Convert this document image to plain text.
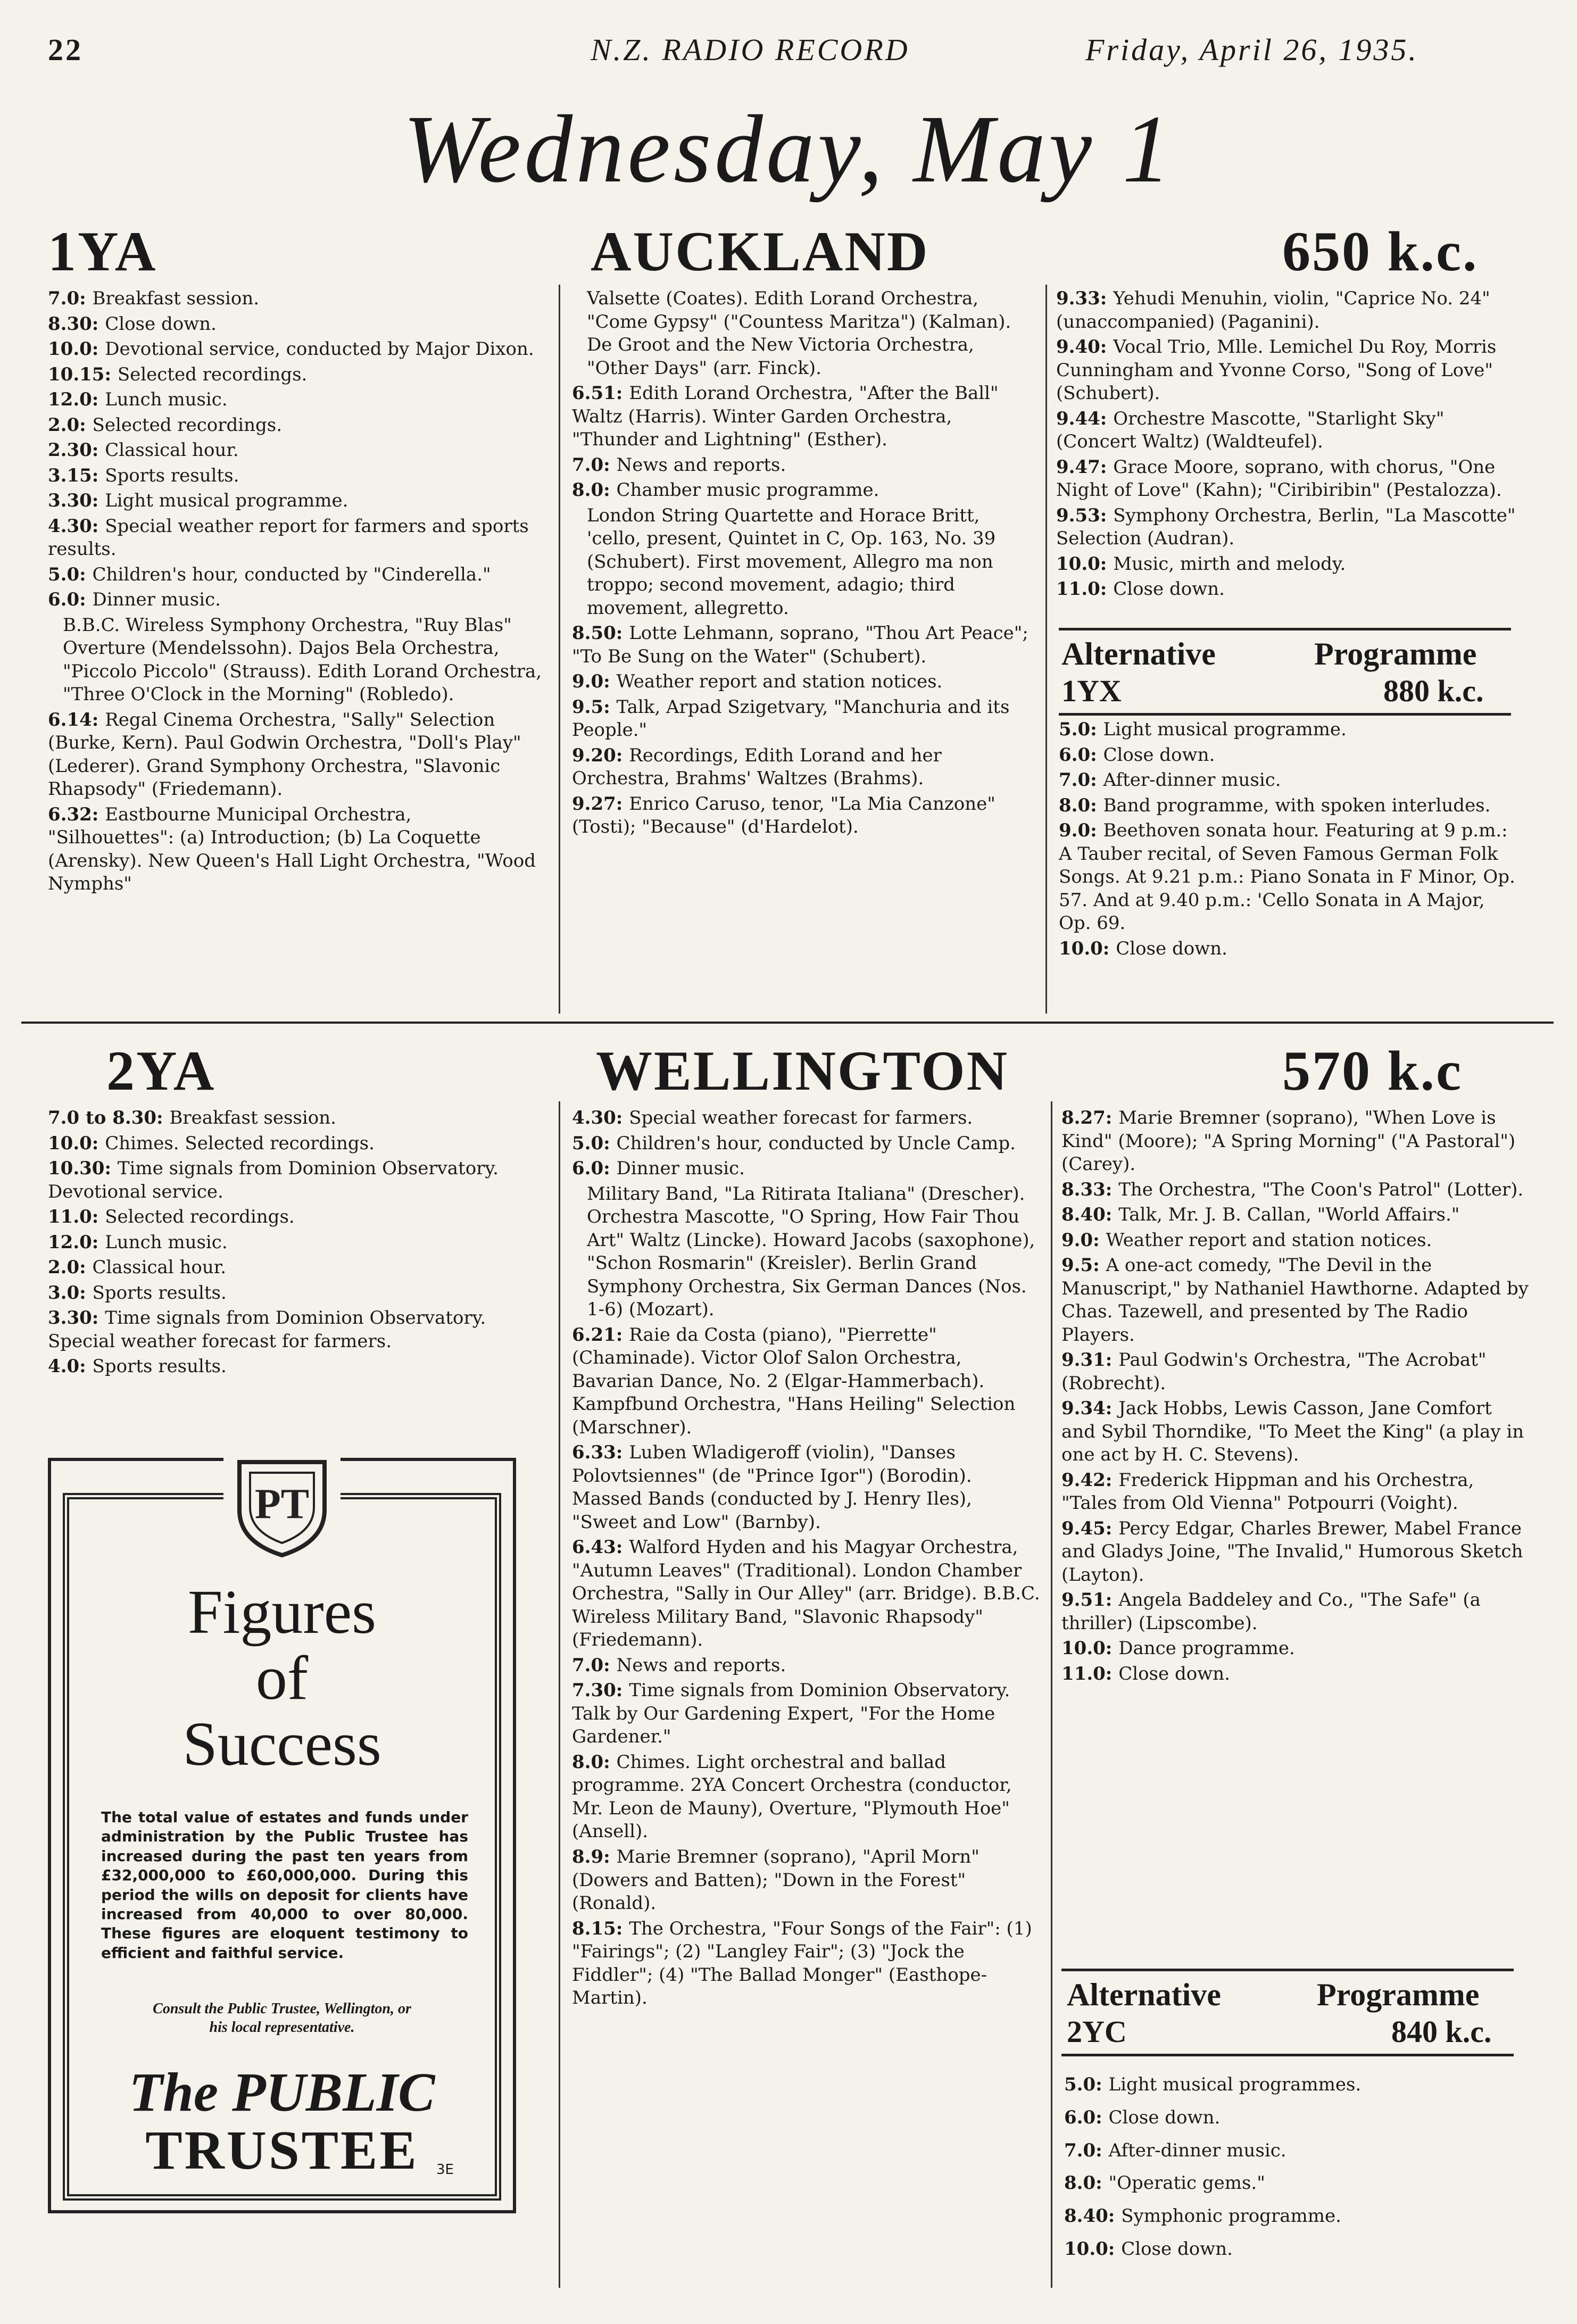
22	N.Z. RADIO RECORD	Friday, April 26, 1935.
Wednesday, May 1
1YA	AUCKLAND	650 k.c.
7.0: Breakfast session.
8.30: Close down.
10.0: Devotional service, conducted by Major Dixon.
10.15: Selected recordings.
12.0: Lunch music.
2.0: Selected recordings.
2.30: Classical hour.
3.15: Sports results.
3.30: Light musical programme.
4.30: Special weather report for farmers and sports results.
5.0: Children's hour, conducted by "Cinderella."
6.0: Dinner music.
B.B.C. Wireless Symphony Orchestra, "Ruy Blas" Overture (Mendelssohn). Dajos Bela Orchestra, "Piccolo Piccolo" (Strauss). Edith Lorand Orchestra, "Three O'Clock in the Morning" (Robledo).
6.14: Regal Cinema Orchestra, "Sally" Selection (Burke, Kern). Paul Godwin Orchestra, "Doll's Play" (Lederer). Grand Symphony Orchestra, "Slavonic Rhapsody" (Friedemann).
6.32: Eastbourne Municipal Orchestra, "Silhouettes": (a) Introduction; (b) La Coquette (Arensky). New Queen's Hall Light Orchestra, "Wood Nymphs"
Valsette (Coates). Edith Lorand Orchestra, "Come Gypsy" ("Countess Maritza") (Kalman). De Groot and the New Victoria Orchestra, "Other Days" (arr. Finck).
6.51: Edith Lorand Orchestra, "After the Ball" Waltz (Harris). Winter Garden Orchestra, "Thunder and Lightning" (Esther).
7.0: News and reports.
8.0: Chamber music programme.
London String Quartette and Horace Britt, 'cello, present, Quintet in C, Op. 163, No. 39 (Schubert). First movement, Allegro ma non troppo; second movement, adagio; third movement, allegretto.
8.50: Lotte Lehmann, soprano, "Thou Art Peace"; "To Be Sung on the Water" (Schubert).
9.0: Weather report and station notices.
9.5: Talk, Arpad Szigetvary, "Manchuria and its People."
9.20: Recordings, Edith Lorand and her Orchestra, Brahms' Waltzes (Brahms).
9.27: Enrico Caruso, tenor, "La Mia Canzone" (Tosti); "Because" (d'Hardelot).
9.33: Yehudi Menuhin, violin, "Caprice No. 24" (unaccompanied) (Paganini).
9.40: Vocal Trio, Mlle. Lemichel Du Roy, Morris Cunningham and Yvonne Corso, "Song of Love" (Schubert).
9.44: Orchestre Mascotte, "Starlight Sky" (Concert Waltz) (Waldteufel).
9.47: Grace Moore, soprano, with chorus, "One Night of Love" (Kahn); "Ciribiribin" (Pestalozza).
9.53: Symphony Orchestra, Berlin, "La Mascotte" Selection (Audran).
10.0: Music, mirth and melody.
11.0: Close down.
Alternative	Programme
1YX	880 k.c.
5.0: Light musical programme.
6.0: Close down.
7.0: After-dinner music.
8.0: Band programme, with spoken interludes.
9.0: Beethoven sonata hour. Featuring at 9 p.m.: A Tauber recital, of Seven Famous German Folk Songs. At 9.21 p.m.: Piano Sonata in F Minor, Op. 57. And at 9.40 p.m.: 'Cello Sonata in A Major, Op. 69.
10.0: Close down.
2YA	WELLINGTON	570 k.c
7.0 to 8.30: Breakfast session.
10.0: Chimes. Selected recordings.
10.30: Time signals from Dominion Observatory. Devotional service.
11.0: Selected recordings.
12.0: Lunch music.
2.0: Classical hour.
3.0: Sports results.
3.30: Time signals from Dominion Observatory. Special weather forecast for farmers.
4.0: Sports results.
4.30: Special weather forecast for farmers.
5.0: Children's hour, conducted by Uncle Camp.
6.0: Dinner music.
Military Band, "La Ritirata Italiana" (Drescher). Orchestra Mascotte, "O Spring, How Fair Thou Art" Waltz (Lincke). Howard Jacobs (saxophone), "Schon Rosmarin" (Kreisler). Berlin Grand Symphony Orchestra, Six German Dances (Nos. 1-6) (Mozart).
6.21: Raie da Costa (piano), "Pierrette" (Chaminade). Victor Olof Salon Orchestra, Bavarian Dance, No. 2 (Elgar-Hammerbach). Kampfbund Orchestra, "Hans Heiling" Selection (Marschner).
6.33: Luben Wladigeroff (violin), "Danses Polovtsiennes" (de "Prince Igor") (Borodin). Massed Bands (conducted by J. Henry Iles), "Sweet and Low" (Barnby).
6.43: Walford Hyden and his Magyar Orchestra, "Autumn Leaves" (Traditional). London Chamber Orchestra, "Sally in Our Alley" (arr. Bridge). B.B.C. Wireless Military Band, "Slavonic Rhapsody" (Friedemann).
7.0: News and reports.
7.30: Time signals from Dominion Observatory. Talk by Our Gardening Expert, "For the Home Gardener."
8.0: Chimes. Light orchestral and ballad programme. 2YA Concert Orchestra (conductor, Mr. Leon de Mauny), Overture, "Plymouth Hoe" (Ansell).
8.9: Marie Bremner (soprano), "April Morn" (Dowers and Batten); "Down in the Forest" (Ronald).
8.15: The Orchestra, "Four Songs of the Fair": (1) "Fairings"; (2) "Langley Fair"; (3) "Jock the Fiddler"; (4) "The Ballad Monger" (Easthope-Martin).
8.27: Marie Bremner (soprano), "When Love is Kind" (Moore); "A Spring Morning" ("A Pastoral") (Carey).
8.33: The Orchestra, "The Coon's Patrol" (Lotter).
8.40: Talk, Mr. J. B. Callan, "World Affairs."
9.0: Weather report and station notices.
9.5: A one-act comedy, "The Devil in the Manuscript," by Nathaniel Hawthorne. Adapted by Chas. Tazewell, and presented by The Radio Players.
9.31: Paul Godwin's Orchestra, "The Acrobat" (Robrecht).
9.34: Jack Hobbs, Lewis Casson, Jane Comfort and Sybil Thorndike, "To Meet the King" (a play in one act by H. C. Stevens).
9.42: Frederick Hippman and his Orchestra, "Tales from Old Vienna" Potpourri (Voight).
9.45: Percy Edgar, Charles Brewer, Mabel France and Gladys Joine, "The Invalid," Humorous Sketch (Layton).
9.51: Angela Baddeley and Co., "The Safe" (a thriller) (Lipscombe).
10.0: Dance programme.
11.0: Close down.
Alternative	Programme
2YC	840 k.c.
5.0: Light musical programmes.
6.0: Close down.
7.0: After-dinner music.
8.0: "Operatic gems."
8.40: Symphonic programme.
10.0: Close down.
PT
Figures
of
Success
The total value of estates and funds under administration by the Public Trustee has increased during the past ten years from £32,000,000 to £60,000,000. During this period the wills on deposit for clients have increased from 40,000 to over 80,000. These figures are eloquent testimony to efficient and faithful service.
Consult the Public Trustee, Wellington, or his local representative.
The PUBLIC
TRUSTEE	3E
